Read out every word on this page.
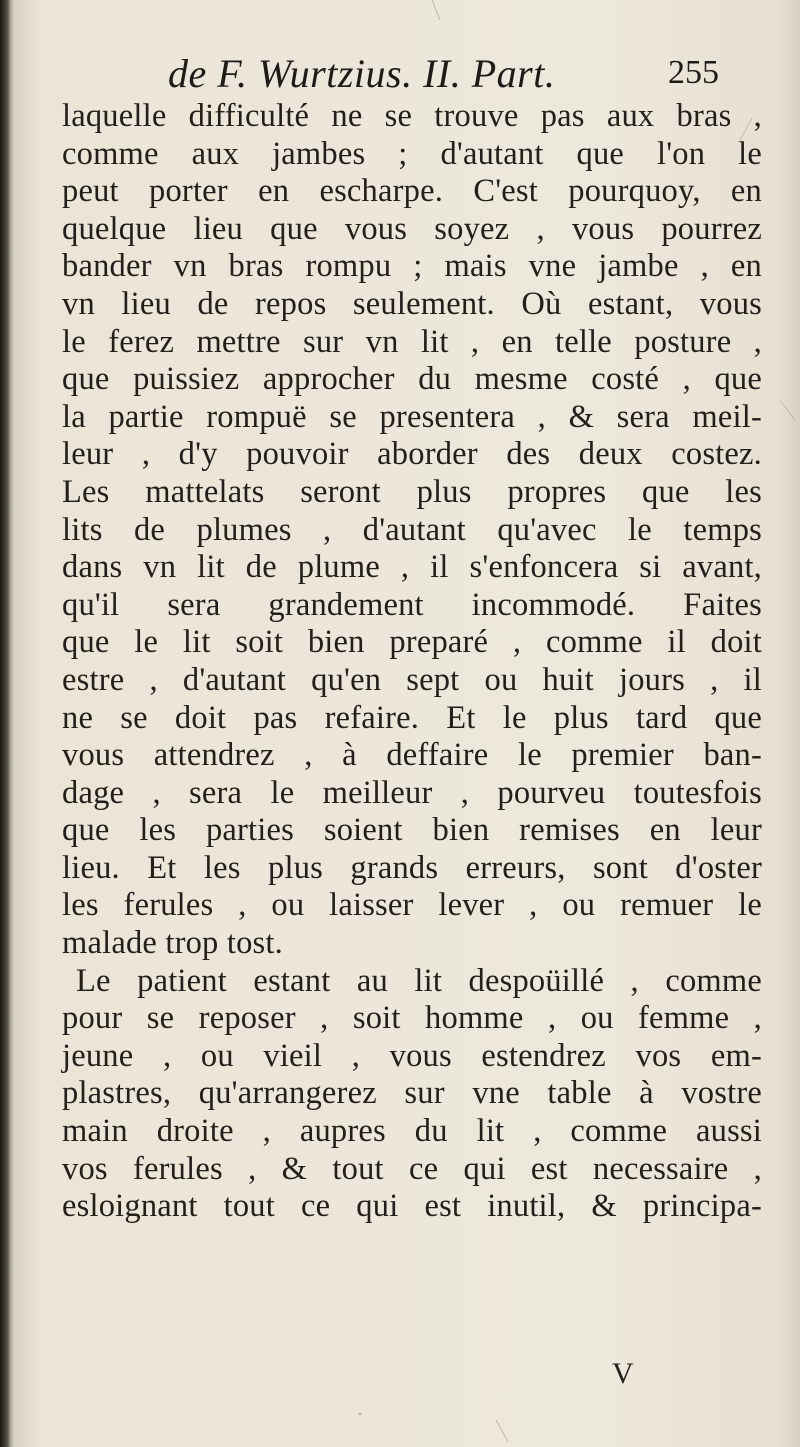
de F. Wurtzius. II. Part.	255
laquelle difficulté ne se trouve pas aux bras ,
comme aux jambes ; d'autant que l'on le
peut porter en escharpe. C'est pourquoy, en
quelque lieu que vous soyez , vous pourrez
bander vn bras rompu ; mais vne jambe , en
vn lieu de repos seulement. Où estant, vous
le ferez mettre sur vn lit , en telle posture ,
que puissiez approcher du mesme costé , que
la partie rompuë se presentera , & sera meil-
leur , d'y pouvoir aborder des deux costez.
Les mattelats seront plus propres que les
lits de plumes , d'autant qu'avec le temps
dans vn lit de plume , il s'enfoncera si avant,
qu'il sera grandement incommodé. Faites
que le lit soit bien preparé , comme il doit
estre , d'autant qu'en sept ou huit jours , il
ne se doit pas refaire. Et le plus tard que
vous attendrez , à deffaire le premier ban-
dage , sera le meilleur , pourveu toutesfois
que les parties soient bien remises en leur
lieu. Et les plus grands erreurs, sont d'oster
les ferules , ou laisser lever , ou remuer le
malade trop tost.
Le patient estant au lit despoüillé , comme
pour se reposer , soit homme , ou femme ,
jeune , ou vieil , vous estendrez vos em-
plastres, qu'arrangerez sur vne table à vostre
main droite , aupres du lit , comme aussi
vos ferules , & tout ce qui est necessaire ,
esloignant tout ce qui est inutil, & principa-
V
